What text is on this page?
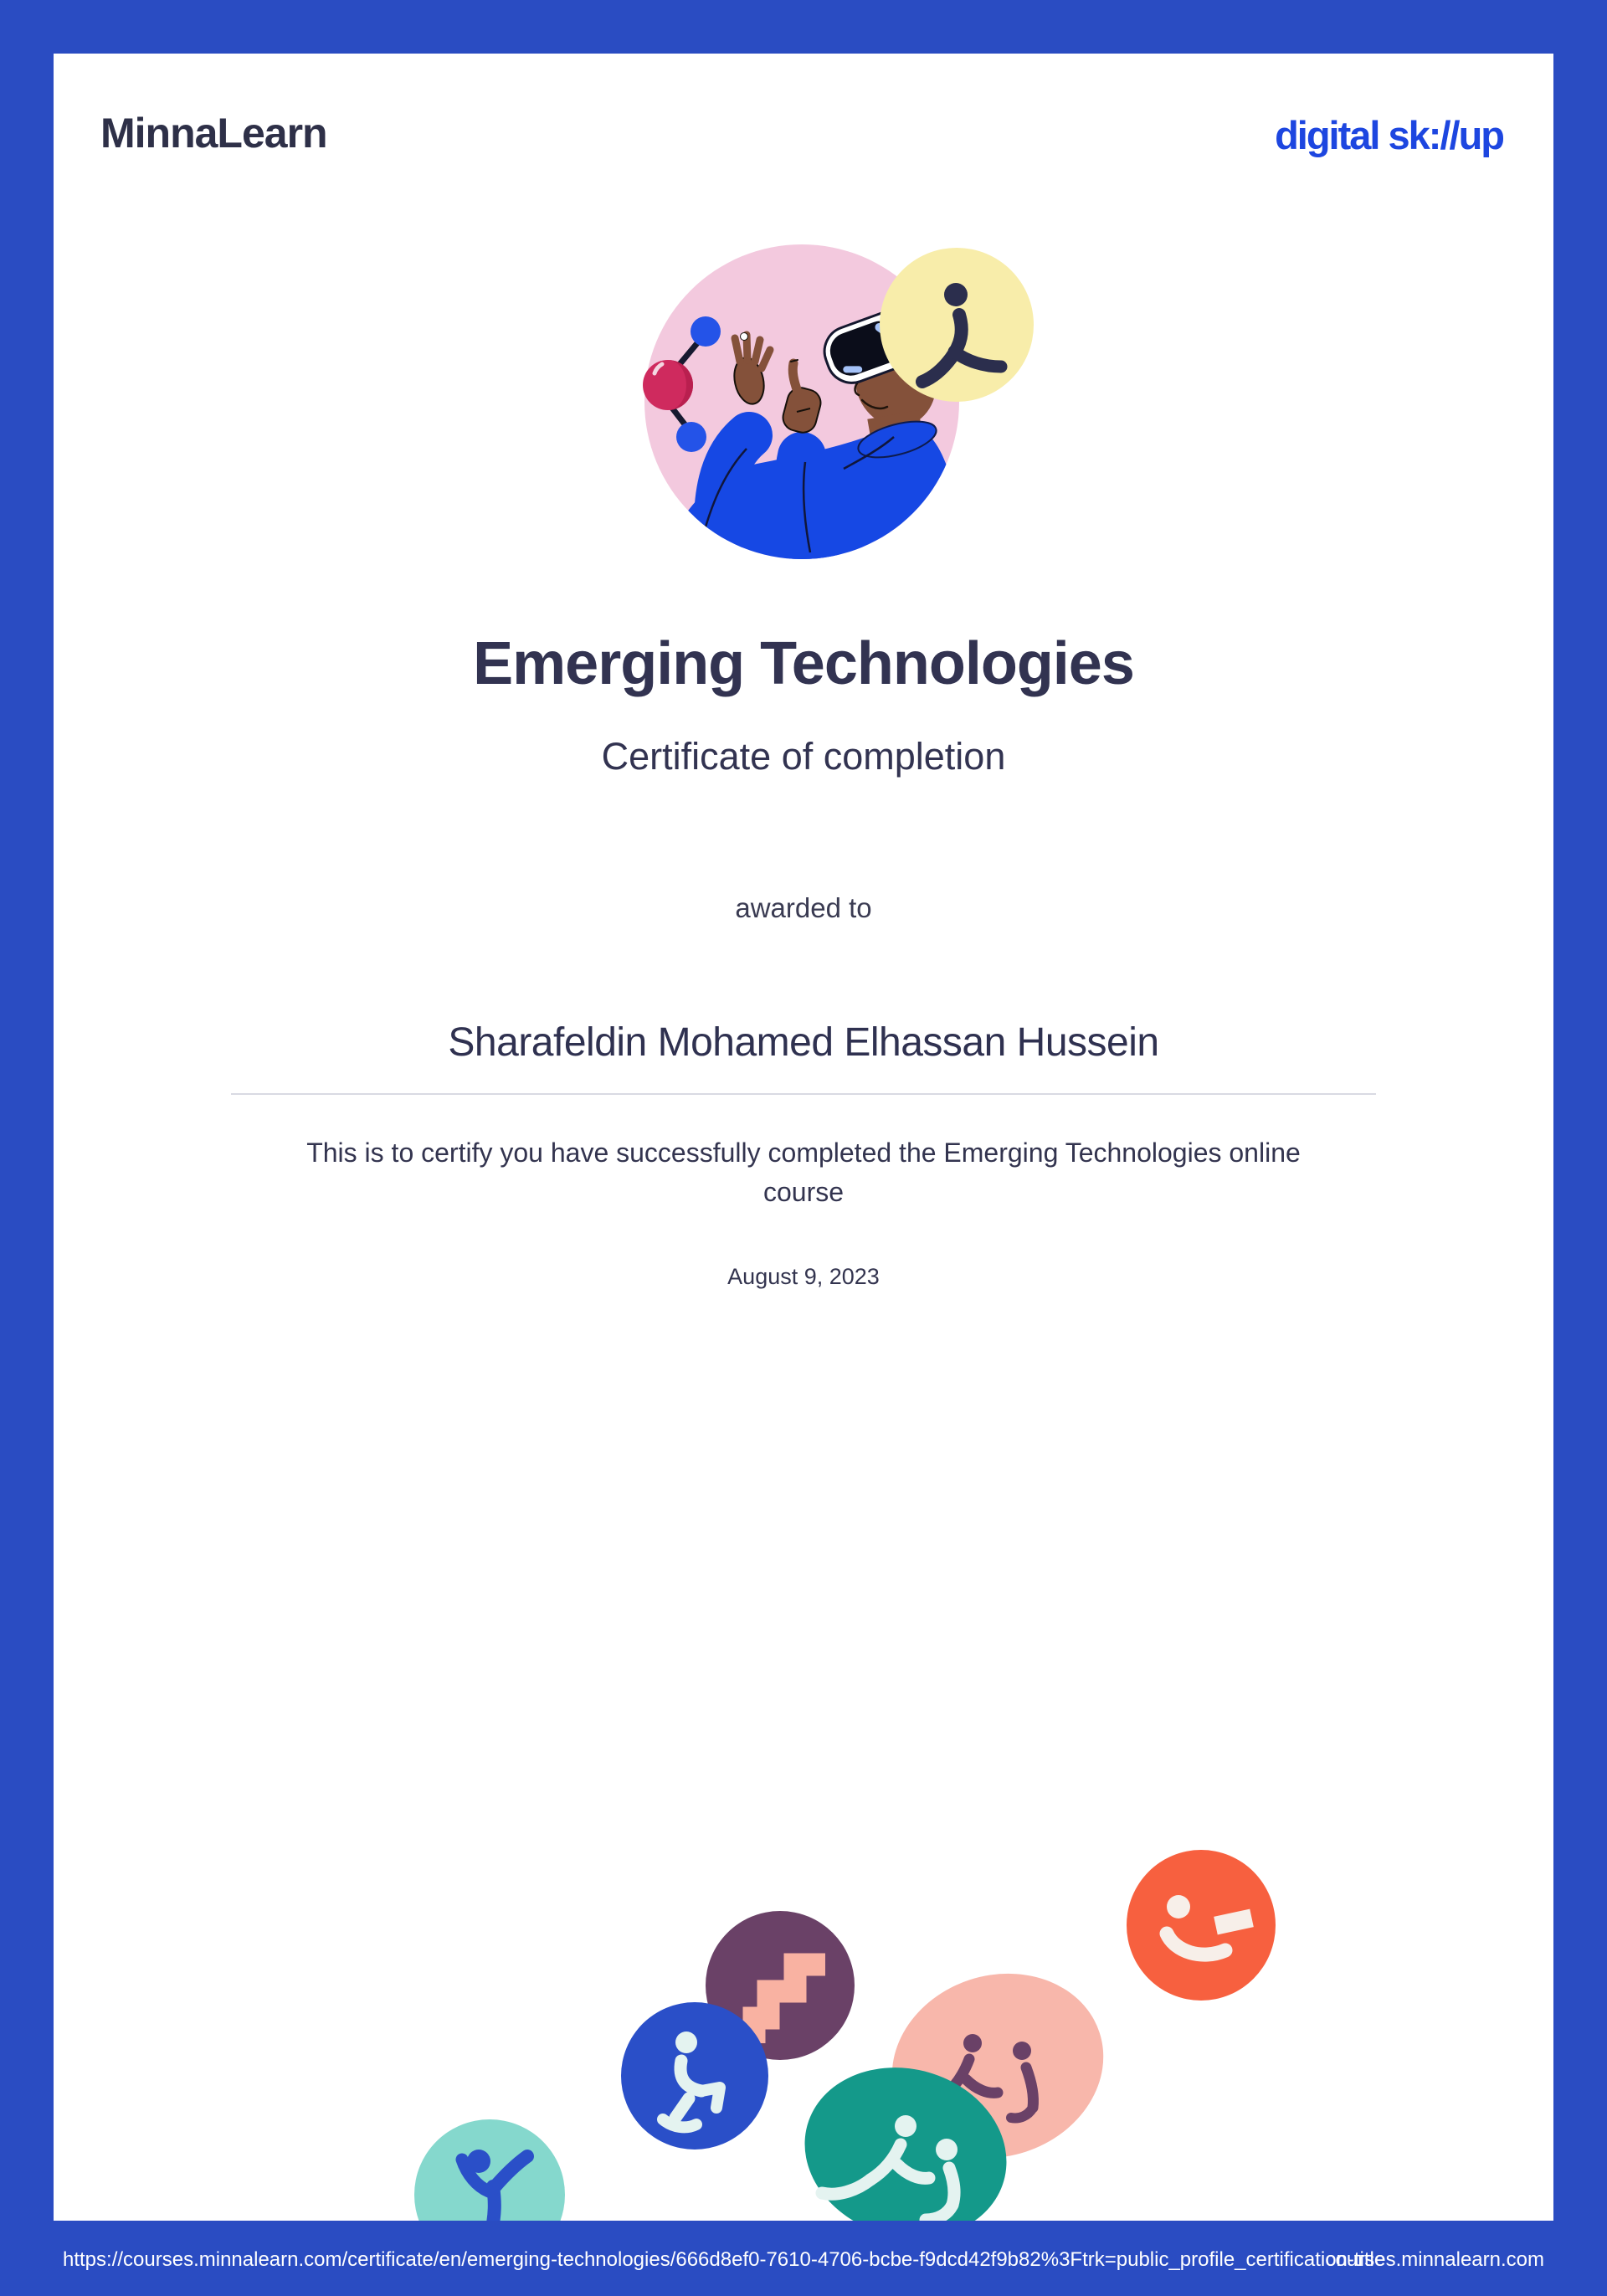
MinnaLearn	digital sk://up
Emerging Technologies
Certificate of completion
awarded to
Sharafeldin Mohamed Elhassan Hussein
This is to certify you have successfully completed the Emerging Technologies online
course
August 9, 2023
https://courses.minnalearn.com/certificate/en/emerging-technologies/666d8ef0-7610-4706-bcbe-f9dcd42f9b82%3Ftrk=public_profile_certification-title
courses.minnalearn.com
